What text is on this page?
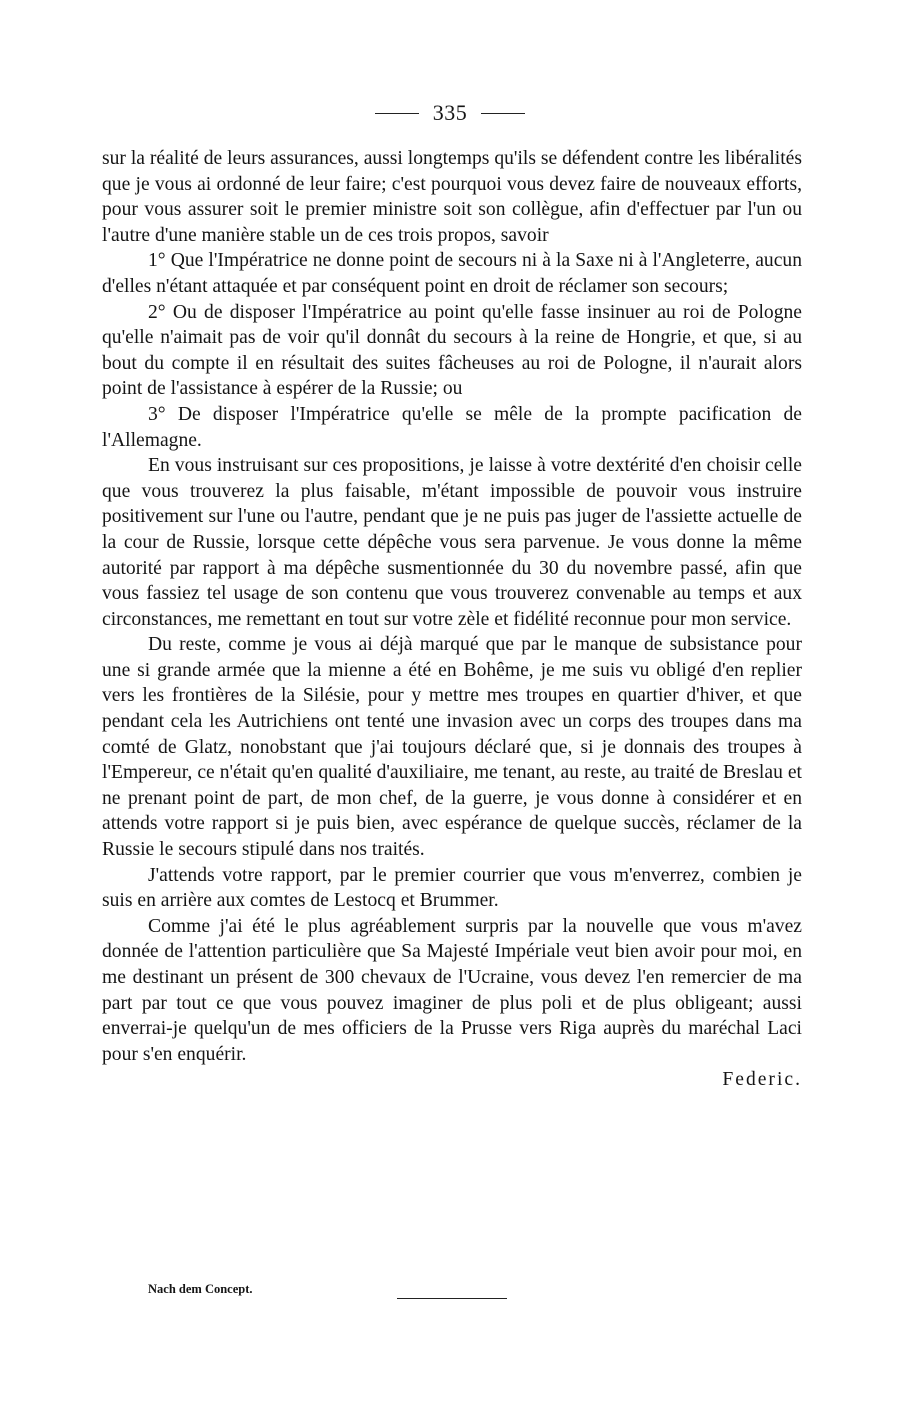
335

sur la réalité de leurs assurances, aussi longtemps qu'ils se défendent contre les libéralités que je vous ai ordonné de leur faire; c'est pourquoi vous devez faire de nouveaux efforts, pour vous assurer soit le premier ministre soit son collègue, afin d'effectuer par l'un ou l'autre d'une manière stable un de ces trois propos, savoir

1° Que l'Impératrice ne donne point de secours ni à la Saxe ni à l'Angleterre, aucun d'elles n'étant attaquée et par conséquent point en droit de réclamer son secours;

2° Ou de disposer l'Impératrice au point qu'elle fasse insinuer au roi de Pologne qu'elle n'aimait pas de voir qu'il donnât du secours à la reine de Hongrie, et que, si au bout du compte il en résultait des suites fâcheuses au roi de Pologne, il n'aurait alors point de l'assistance à espérer de la Russie; ou

3° De disposer l'Impératrice qu'elle se mêle de la prompte pacification de l'Allemagne.

En vous instruisant sur ces propositions, je laisse à votre dextérité d'en choisir celle que vous trouverez la plus faisable, m'étant impossible de pouvoir vous instruire positivement sur l'une ou l'autre, pendant que je ne puis pas juger de l'assiette actuelle de la cour de Russie, lorsque cette dépêche vous sera parvenue. Je vous donne la même autorité par rapport à ma dépêche susmentionnée du 30 du novembre passé, afin que vous fassiez tel usage de son contenu que vous trouverez convenable au temps et aux circonstances, me remettant en tout sur votre zèle et fidélité reconnue pour mon service.

Du reste, comme je vous ai déjà marqué que par le manque de subsistance pour une si grande armée que la mienne a été en Bohême, je me suis vu obligé d'en replier vers les frontières de la Silésie, pour y mettre mes troupes en quartier d'hiver, et que pendant cela les Autrichiens ont tenté une invasion avec un corps des troupes dans ma comté de Glatz, nonobstant que j'ai toujours déclaré que, si je donnais des troupes à l'Empereur, ce n'était qu'en qualité d'auxiliaire, me tenant, au reste, au traité de Breslau et ne prenant point de part, de mon chef, de la guerre, je vous donne à considérer et en attends votre rapport si je puis bien, avec espérance de quelque succès, réclamer de la Russie le secours stipulé dans nos traités.

J'attends votre rapport, par le premier courrier que vous m'enverrez, combien je suis en arrière aux comtes de Lestocq et Brummer.

Comme j'ai été le plus agréablement surpris par la nouvelle que vous m'avez donnée de l'attention particulière que Sa Majesté Impériale veut bien avoir pour moi, en me destinant un présent de 300 chevaux de l'Ucraine, vous devez l'en remercier de ma part par tout ce que vous pouvez imaginer de plus poli et de plus obligeant; aussi enverrai-je quelqu'un de mes officiers de la Prusse vers Riga auprès du maréchal Laci pour s'en enquérir.
Federic.

Nach dem Concept.
